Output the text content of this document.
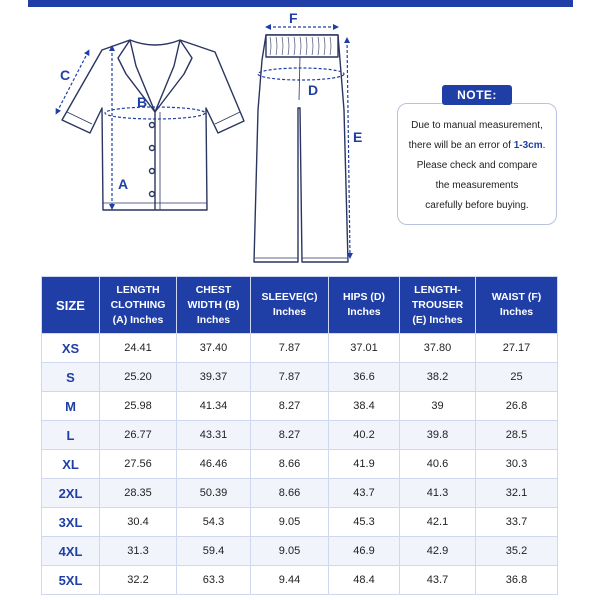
A
B
C
D
E
F
NOTE:
Due to manual measurement,
there will be an error of 1-3cm.
Please check and compare
the measurements
carefully before buying.
SIZE	LENGTH
CLOTHING
(A) Inches	CHEST
WIDTH (B)
Inches	SLEEVE(C)
Inches	HIPS (D)
Inches	LENGTH-
TROUSER
(E) Inches	WAIST (F)
Inches
XS	24.41	37.40	7.87	37.01	37.80	27.17
S	25.20	39.37	7.87	36.6	38.2	25
M	25.98	41.34	8.27	38.4	39	26.8
L	26.77	43.31	8.27	40.2	39.8	28.5
XL	27.56	46.46	8.66	41.9	40.6	30.3
2XL	28.35	50.39	8.66	43.7	41.3	32.1
3XL	30.4	54.3	9.05	45.3	42.1	33.7
4XL	31.3	59.4	9.05	46.9	42.9	35.2
5XL	32.2	63.3	9.44	48.4	43.7	36.8
